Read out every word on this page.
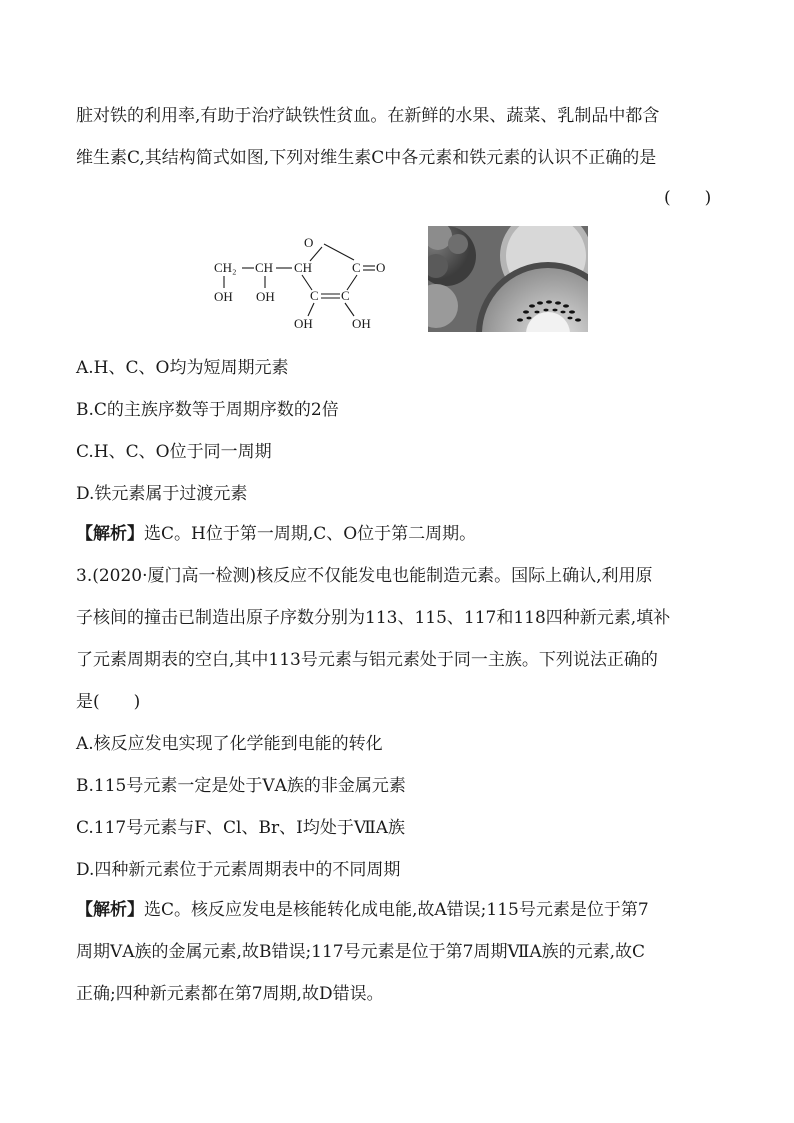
脏对铁的利用率,有助于治疗缺铁性贫血。在新鲜的水果、蔬菜、乳制品中都含
维生素C,其结构简式如图,下列对维生素C中各元素和铁元素的认识不正确的是
(　　)
O
CH₂ CH CH	C O
C C
OH OH
OH	OH
A.H、C、O均为短周期元素
B.C的主族序数等于周期序数的2倍
C.H、C、O位于同一周期
D.铁元素属于过渡元素
【解析】选C。H位于第一周期,C、O位于第二周期。
3.(2020·厦门高一检测)核反应不仅能发电也能制造元素。国际上确认,利用原
子核间的撞击已制造出原子序数分别为113、115、117和118四种新元素,填补
了元素周期表的空白,其中113号元素与铝元素处于同一主族。下列说法正确的
是(　　)
A.核反应发电实现了化学能到电能的转化
B.115号元素一定是处于ⅤA族的非金属元素
C.117号元素与F、Cl、Br、I均处于ⅦA族
D.四种新元素位于元素周期表中的不同周期
【解析】选C。核反应发电是核能转化成电能,故A错误;115号元素是位于第7
周期ⅤA族的金属元素,故B错误;117号元素是位于第7周期ⅦA族的元素,故C
正确;四种新元素都在第7周期,故D错误。
